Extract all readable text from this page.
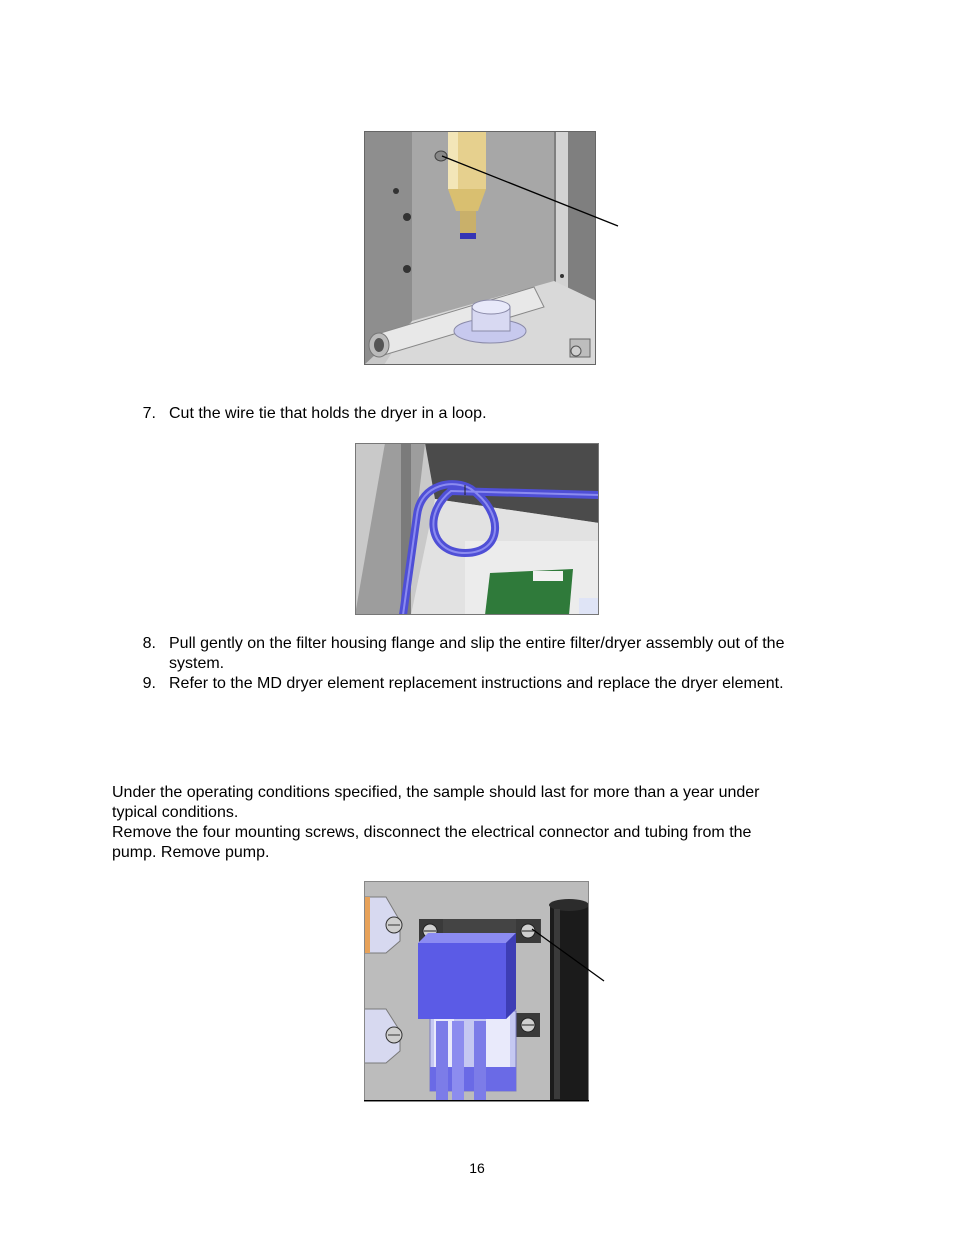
7. Cut the wire tie that holds the dryer in a loop.
8. Pull gently on the filter housing flange and slip the entire filter/dryer assembly out of the
system.
9. Refer to the MD dryer element replacement instructions and replace the dryer element.
Under the operating conditions specified, the sample should last for more than a year under
typical conditions.
Remove the four mounting screws, disconnect the electrical connector and tubing from the
pump. Remove pump.
16
